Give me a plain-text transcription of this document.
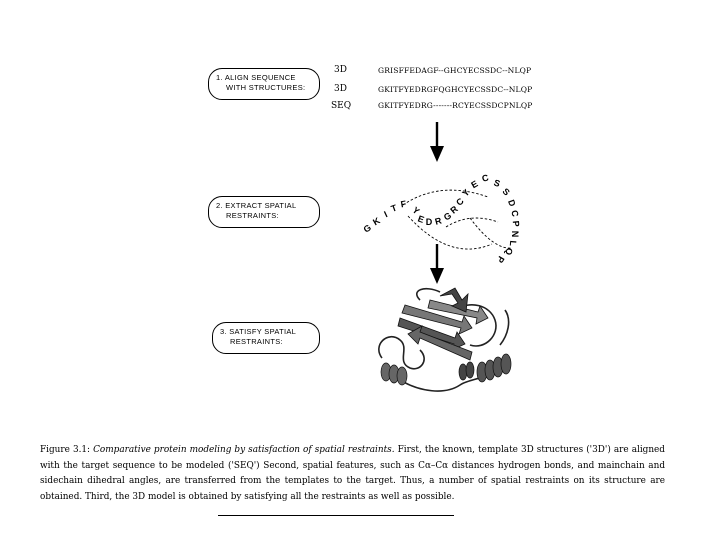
1. ALIGN SEQUENCE
WITH STRUCTURES:
2. EXTRACT SPATIAL
RESTRAINTS:
3. SATISFY SPATIAL
RESTRAINTS:
3D	GRISFFEDAGF--GHCYECSSDC--NLQP
3D	GKITFYEDRGFQGHCYECSSDC--NLQP
SEQ	GKITFYEDRG-------RCYECSSDCPNLQP
G
K
I
T F
Y
E D R G
R
C
Y
E
C S
S
D
C
P
N
L
Q
P
Figure 3.1: Comparative protein modeling by satisfaction of spatial restraints. First, the known, template 3D structures ('3D') are aligned with the target sequence to be modeled ('SEQ') Second, spatial features, such as Cα–Cα distances hydrogen bonds, and mainchain and sidechain dihedral angles, are transferred from the templates to the target. Thus, a number of spatial restraints on its structure are obtained. Third, the 3D model is obtained by satisfying all the restraints as well as possible.
